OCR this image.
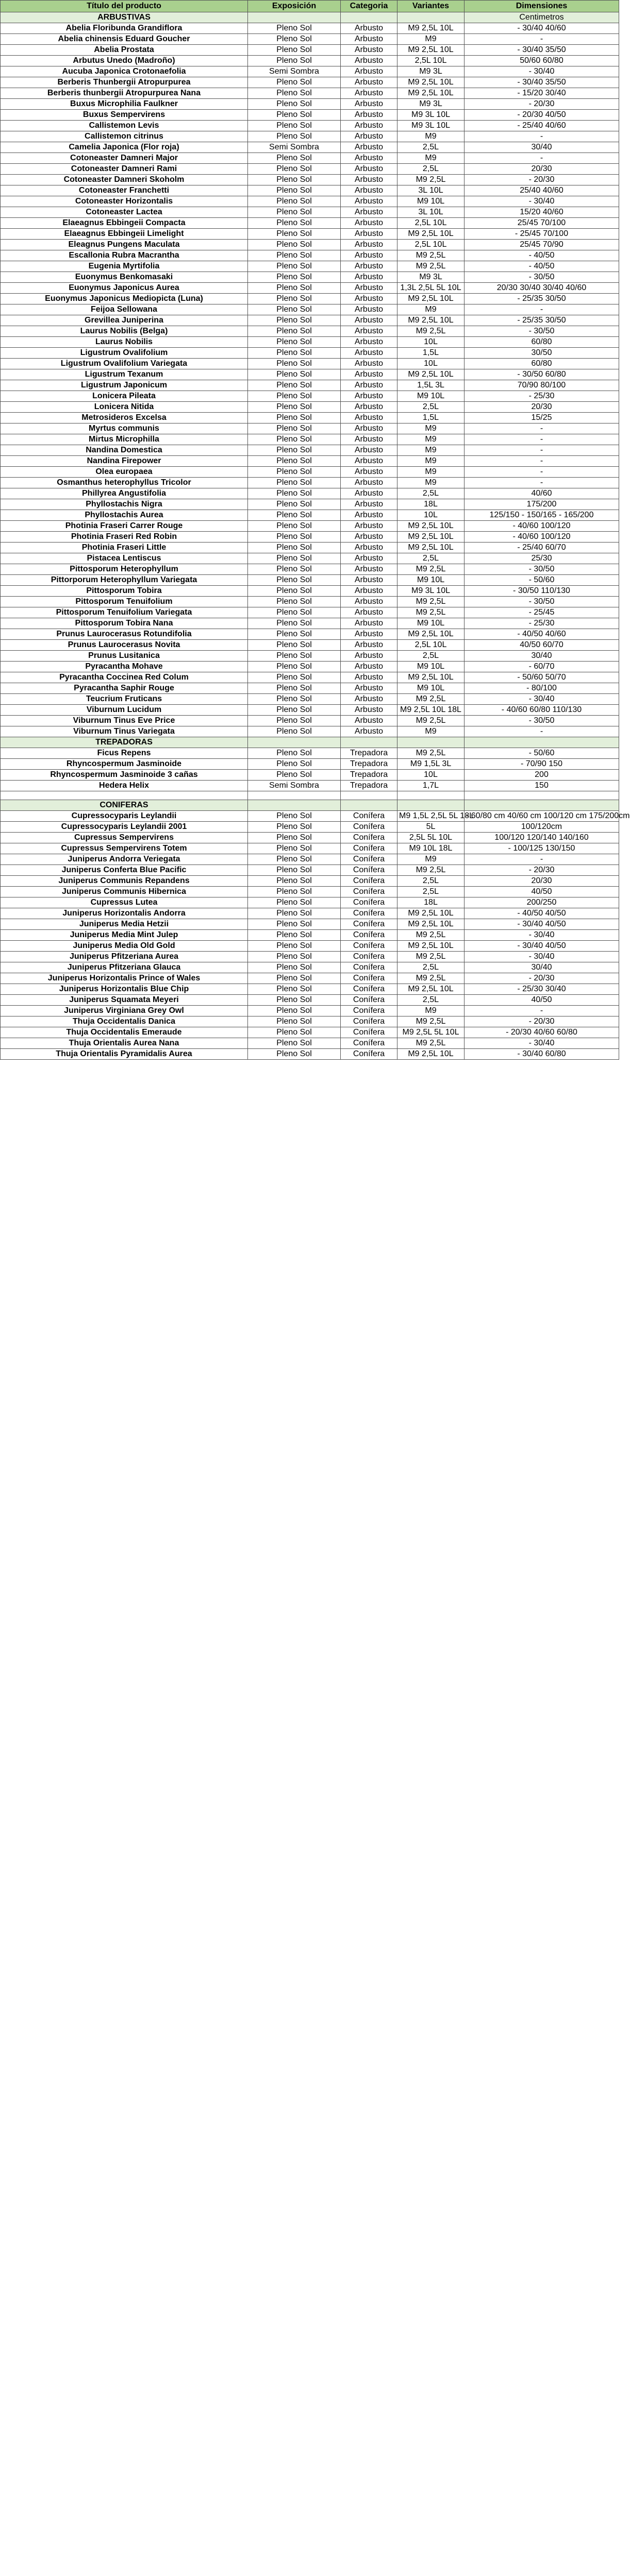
Título del producto	Exposición	Categoria	Variantes	Dimensiones
ARBUSTIVAS				Centimetros
Abelia Floribunda Grandiflora	Pleno Sol	Arbusto	M9 2,5L 10L	- 30/40 40/60
Abelia chinensis Eduard Goucher	Pleno Sol	Arbusto	M9	-
Abelia Prostata	Pleno Sol	Arbusto	M9 2,5L 10L	- 30/40 35/50
Arbutus Unedo (Madroño)	Pleno Sol	Arbusto	2,5L 10L	50/60 60/80
Aucuba Japonica Crotonaefolia	Semi Sombra	Arbusto	M9 3L	- 30/40
Berberis Thunbergii Atropurpurea	Pleno Sol	Arbusto	M9 2,5L 10L	- 30/40 35/50
Berberis thunbergii Atropurpurea Nana	Pleno Sol	Arbusto	M9 2,5L 10L	- 15/20 30/40
Buxus Microphilia Faulkner	Pleno Sol	Arbusto	M9 3L	- 20/30
Buxus Sempervirens	Pleno Sol	Arbusto	M9 3L 10L	- 20/30 40/50
Callistemon Levis	Pleno Sol	Arbusto	M9 3L 10L	- 25/40 40/60
Callistemon citrinus	Pleno Sol	Arbusto	M9	-
Camelia Japonica (Flor roja)	Semi Sombra	Arbusto	2,5L	30/40
Cotoneaster Damneri Major	Pleno Sol	Arbusto	M9	-
Cotoneaster Damneri Rami	Pleno Sol	Arbusto	2,5L	20/30
Cotoneaster Damneri Skoholm	Pleno Sol	Arbusto	M9 2,5L	- 20/30
Cotoneaster Franchetti	Pleno Sol	Arbusto	3L 10L	25/40 40/60
Cotoneaster Horizontalis	Pleno Sol	Arbusto	M9 10L	- 30/40
Cotoneaster Lactea	Pleno Sol	Arbusto	3L 10L	15/20 40/60
Elaeagnus Ebbingeii Compacta	Pleno Sol	Arbusto	2,5L 10L	25/45 70/100
Elaeagnus Ebbingeii Limelight	Pleno Sol	Arbusto	M9 2,5L 10L	- 25/45 70/100
Eleagnus Pungens Maculata	Pleno Sol	Arbusto	2,5L 10L	25/45 70/90
Escallonia Rubra Macrantha	Pleno Sol	Arbusto	M9 2,5L	- 40/50
Eugenia Myrtifolia	Pleno Sol	Arbusto	M9 2,5L	- 40/50
Euonymus Benkomasaki	Pleno Sol	Arbusto	M9 3L	- 30/50
Euonymus Japonicus Aurea	Pleno Sol	Arbusto	1,3L 2,5L 5L 10L	20/30 30/40 30/40 40/60
Euonymus Japonicus Mediopicta (Luna)	Pleno Sol	Arbusto	M9 2,5L 10L	- 25/35 30/50
Feijoa Sellowana	Pleno Sol	Arbusto	M9	-
Grevillea Juniperina	Pleno Sol	Arbusto	M9 2,5L 10L	- 25/35 30/50
Laurus Nobilis (Belga)	Pleno Sol	Arbusto	M9 2,5L	- 30/50
Laurus Nobilis	Pleno Sol	Arbusto	10L	60/80
Ligustrum Ovalifolium	Pleno Sol	Arbusto	1,5L	30/50
Ligustrum Ovalifolium Variegata	Pleno Sol	Arbusto	10L	60/80
Ligustrum Texanum	Pleno Sol	Arbusto	M9 2,5L 10L	- 30/50 60/80
Ligustrum Japonicum	Pleno Sol	Arbusto	1,5L 3L	70/90 80/100
Lonicera Pileata	Pleno Sol	Arbusto	M9 10L	- 25/30
Lonicera Nitida	Pleno Sol	Arbusto	2,5L	20/30
Metrosideros Excelsa	Pleno Sol	Arbusto	1,5L	15/25
Myrtus communis	Pleno Sol	Arbusto	M9	-
Mirtus Microphilla	Pleno Sol	Arbusto	M9	-
Nandina Domestica	Pleno Sol	Arbusto	M9	-
Nandina Firepower	Pleno Sol	Arbusto	M9	-
Olea europaea	Pleno Sol	Arbusto	M9	-
Osmanthus heterophyllus Tricolor	Pleno Sol	Arbusto	M9	-
Phillyrea Angustifolia	Pleno Sol	Arbusto	2,5L	40/60
Phyllostachis Nigra	Pleno Sol	Arbusto	18L	175/200
Phyllostachis Aurea	Pleno Sol	Arbusto	10L	125/150 - 150/165 - 165/200
Photinia Fraseri Carrer Rouge	Pleno Sol	Arbusto	M9 2,5L 10L	- 40/60 100/120
Photinia Fraseri Red Robin	Pleno Sol	Arbusto	M9 2,5L 10L	- 40/60 100/120
Photinia Fraseri Little	Pleno Sol	Arbusto	M9 2,5L 10L	- 25/40 60/70
Pistacea Lentiscus	Pleno Sol	Arbusto	2,5L	25/30
Pittosporum Heterophyllum	Pleno Sol	Arbusto	M9 2,5L	- 30/50
Pittorporum Heterophyllum Variegata	Pleno Sol	Arbusto	M9 10L	- 50/60
Pittosporum Tobira	Pleno Sol	Arbusto	M9 3L 10L	- 30/50 110/130
Pittosporum Tenuifolium	Pleno Sol	Arbusto	M9 2,5L	- 30/50
Pittosporum Tenuifolium Variegata	Pleno Sol	Arbusto	M9 2,5L	- 25/45
Pittosporum Tobira Nana	Pleno Sol	Arbusto	M9 10L	- 25/30
Prunus Laurocerasus Rotundifolia	Pleno Sol	Arbusto	M9 2,5L 10L	- 40/50 40/60
Prunus Laurocerasus Novita	Pleno Sol	Arbusto	2,5L 10L	40/50 60/70
Prunus Lusitanica	Pleno Sol	Arbusto	2,5L	30/40
Pyracantha Mohave	Pleno Sol	Arbusto	M9 10L	- 60/70
Pyracantha Coccinea Red Colum	Pleno Sol	Arbusto	M9 2,5L 10L	- 50/60 50/70
Pyracantha Saphir Rouge	Pleno Sol	Arbusto	M9 10L	- 80/100
Teucrium Fruticans	Pleno Sol	Arbusto	M9 2,5L	- 30/40
Viburnum Lucidum	Pleno Sol	Arbusto	M9 2,5L 10L 18L	- 40/60 60/80 110/130
Viburnum Tinus Eve Price	Pleno Sol	Arbusto	M9 2,5L	- 30/50
Viburnum Tinus Variegata	Pleno Sol	Arbusto	M9	-
TREPADORAS				
Ficus Repens	Pleno Sol	Trepadora	M9 2,5L	- 50/60
Rhyncospermum Jasminoide	Pleno Sol	Trepadora	M9 1,5L 3L	- 70/90 150
Rhyncospermum Jasminoide 3 cañas	Pleno Sol	Trepadora	10L	200
Hedera Helix	Semi Sombra	Trepadora	1,7L	150

CONIFERAS				
Cupressocyparis Leylandii	Pleno Sol	Conífera	M9 1,5L 2,5L 5L 18L	- 60/80 cm 40/60 cm 100/120 cm 175/200cm
Cupressocyparis Leylandii 2001	Pleno Sol	Conífera	5L	100/120cm
Cupressus Sempervirens	Pleno Sol	Conífera	2,5L 5L 10L	100/120 120/140 140/160
Cupressus Sempervirens Totem	Pleno Sol	Conífera	M9 10L 18L	- 100/125 130/150
Juniperus Andorra Veriegata	Pleno Sol	Conífera	M9	-
Juniperus Conferta Blue Pacific	Pleno Sol	Conífera	M9 2,5L	- 20/30
Juniperus Communis Repandens	Pleno Sol	Conífera	2,5L	20/30
Juniperus Communis Hibernica	Pleno Sol	Conífera	2,5L	40/50
Cupressus Lutea	Pleno Sol	Conífera	18L	200/250
Juniperus Horizontalis Andorra	Pleno Sol	Conífera	M9 2,5L 10L	- 40/50 40/50
Juniperus Media Hetzii	Pleno Sol	Conífera	M9 2,5L 10L	- 30/40 40/50
Juniperus Media Mint Julep	Pleno Sol	Conífera	M9 2,5L	- 30/40
Juniperus Media Old Gold	Pleno Sol	Conífera	M9 2,5L 10L	- 30/40 40/50
Juniperus Pfitzeriana Aurea	Pleno Sol	Conífera	M9 2,5L	- 30/40
Juniperus Pfitzeriana Glauca	Pleno Sol	Conífera	2,5L	30/40
Juniperus Horizontalis Prince of Wales	Pleno Sol	Conífera	M9 2,5L	- 20/30
Juniperus Horizontalis Blue Chip	Pleno Sol	Conífera	M9 2,5L 10L	- 25/30 30/40
Juniperus Squamata Meyeri	Pleno Sol	Conífera	2,5L	40/50
Juniperus Virginiana Grey Owl	Pleno Sol	Conífera	M9	-
Thuja Occidentalis Danica	Pleno Sol	Conífera	M9 2,5L	- 20/30
Thuja Occidentalis Emeraude	Pleno Sol	Conífera	M9 2,5L 5L 10L	- 20/30 40/60 60/80
Thuja Orientalis Aurea Nana	Pleno Sol	Conífera	M9 2,5L	- 30/40
Thuja Orientalis Pyramidalis Aurea	Pleno Sol	Conífera	M9 2,5L 10L	- 30/40 60/80
